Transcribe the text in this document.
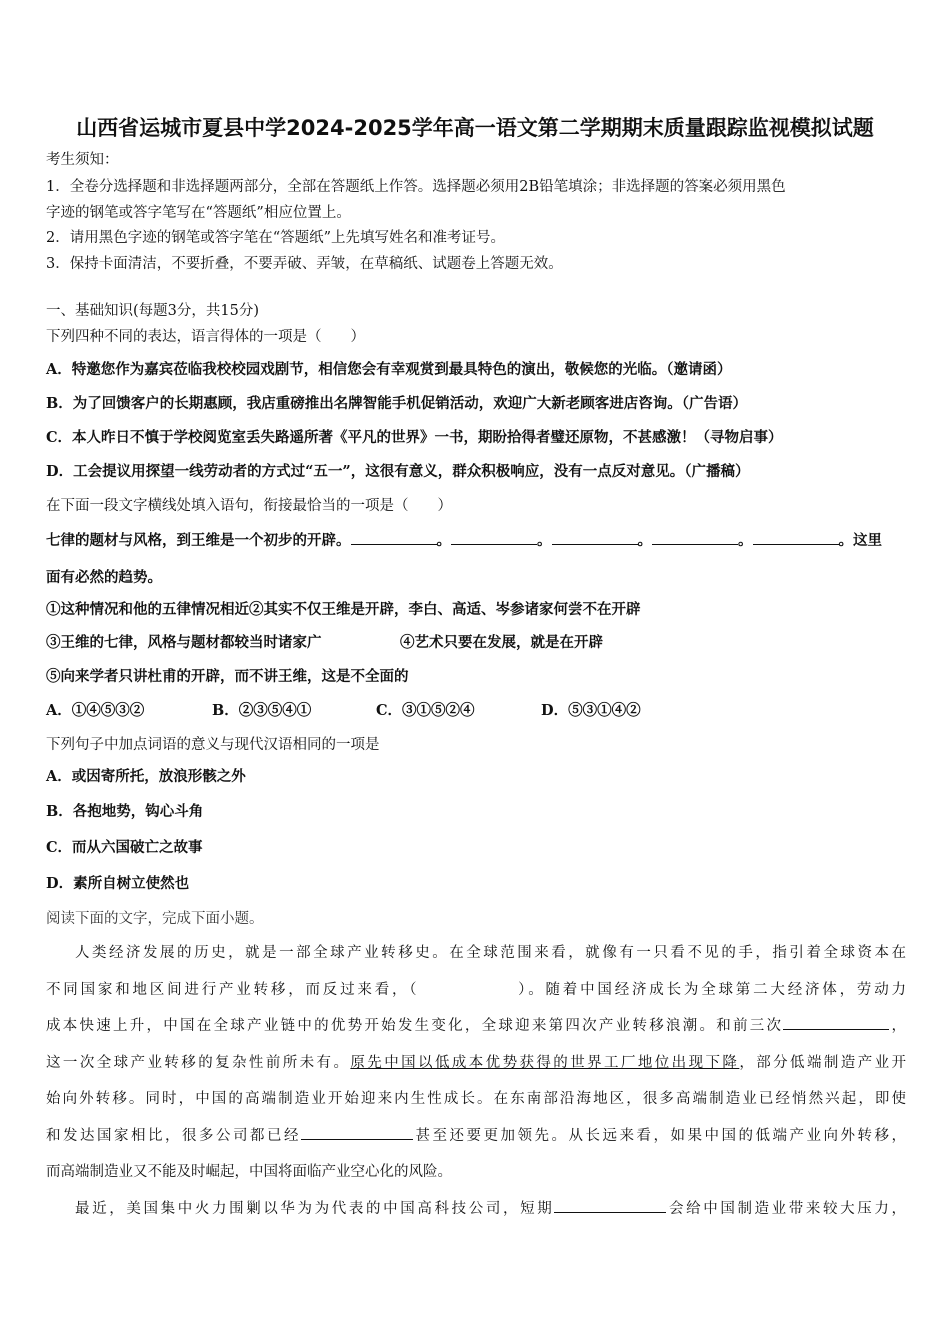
山西省运城市夏县中学2024-2025学年高一语文第二学期期末质量跟踪监视模拟试题
考生须知：
1．全卷分选择题和非选择题两部分，全部在答题纸上作答。选择题必须用2B铅笔填涂；非选择题的答案必须用黑色
字迹的钢笔或答字笔写在“答题纸”相应位置上。
2．请用黑色字迹的钢笔或答字笔在“答题纸”上先填写姓名和准考证号。
3．保持卡面清洁，不要折叠，不要弄破、弄皱，在草稿纸、试题卷上答题无效。
一、基础知识(每题3分，共15分)
下列四种不同的表达，语言得体的一项是（　　）
A．特邀您作为嘉宾莅临我校校园戏剧节，相信您会有幸观赏到最具特色的演出，敬候您的光临。（邀请函）
B．为了回馈客户的长期惠顾，我店重磅推出名牌智能手机促销活动，欢迎广大新老顾客进店咨询。（广告语）
C．本人昨日不慎于学校阅览室丢失路遥所著《平凡的世界》一书，期盼拾得者璧还原物，不甚感激！（寻物启事）
D．工会提议用探望一线劳动者的方式过“五一”，这很有意义，群众积极响应，没有一点反对意见。（广播稿）
在下面一段文字横线处填入语句，衔接最恰当的一项是（　　）
七律的题材与风格，到王维是一个初步的开辟。	。	。	。	。	。这里
面有必然的趋势。
①这种情况和他的五律情况相近②其实不仅王维是开辟，李白、高适、岑参诸家何尝不在开辟
③王维的七律，风格与题材都较当时诸家广	④艺术只要在发展，就是在开辟
⑤向来学者只讲杜甫的开辟，而不讲王维，这是不全面的
A．①④⑤③②	B．②③⑤④①	C．③①⑤②④	D．⑤③①④②
下列句子中加点词语的意义与现代汉语相同的一项是
A．或因寄所托，放浪形骸之外
B．各抱地势，钩心斗角
C．而从六国破亡之故事
D．素所自树立使然也
阅读下面的文字，完成下面小题。
人类经济发展的历史，就是一部全球产业转移史。在全球范围来看，就像有一只看不见的手，指引着全球资本在
不同国家和地区间进行产业转移，而反过来看，（	）。随着中国经济成长为全球第二大经济体，劳动力
成本快速上升，中国在全球产业链中的优势开始发生变化，全球迎来第四次产业转移浪潮。和前三次	，
这一次全球产业转移的复杂性前所未有。原先中国以低成本优势获得的世界工厂地位出现下降，部分低端制造产业开
始向外转移。同时，中国的高端制造业开始迎来内生性成长。在东南部沿海地区，很多高端制造业已经悄然兴起，即使
和发达国家相比，很多公司都已经	甚至还要更加领先。从长远来看，如果中国的低端产业向外转移，
而高端制造业又不能及时崛起，中国将面临产业空心化的风险。
最近，美国集中火力围剿以华为为代表的中国高科技公司，短期	会给中国制造业带来较大压力，
